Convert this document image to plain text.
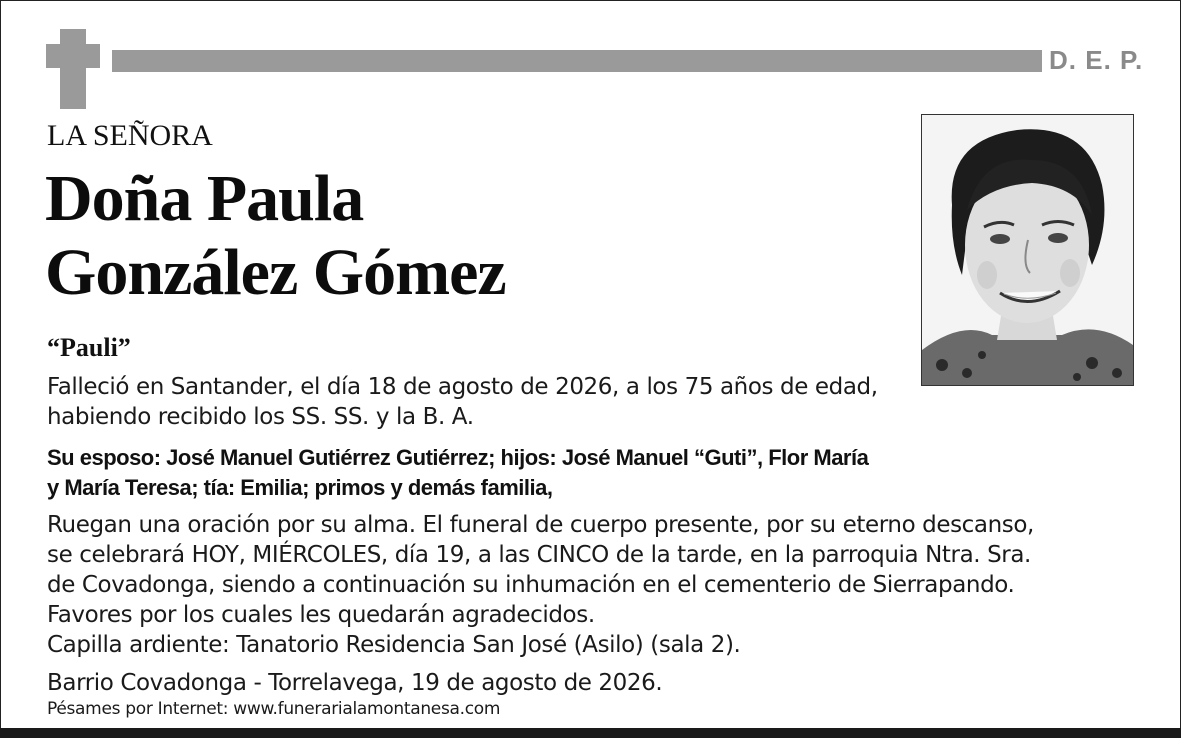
D. E. P.
LA SEÑORA
Doña Paula
González Gómez
“Pauli”
Falleció en Santander, el día 18 de agosto de 2026, a los 75 años de edad,
habiendo recibido los SS. SS. y la B. A.
Su esposo: José Manuel Gutiérrez Gutiérrez; hijos: José Manuel “Guti”, Flor María
y María Teresa; tía: Emilia; primos y demás familia,
Ruegan una oración por su alma. El funeral de cuerpo presente, por su eterno descanso,
se celebrará HOY, MIÉRCOLES, día 19, a las CINCO de la tarde, en la parroquia Ntra. Sra.
de Covadonga, siendo a continuación su inhumación en el cementerio de Sierrapando.
Favores por los cuales les quedarán agradecidos.
Capilla ardiente: Tanatorio Residencia San José (Asilo) (sala 2).
Barrio Covadonga - Torrelavega, 19 de agosto de 2026.
Pésames por Internet: www.funerarialamontanesa.com
